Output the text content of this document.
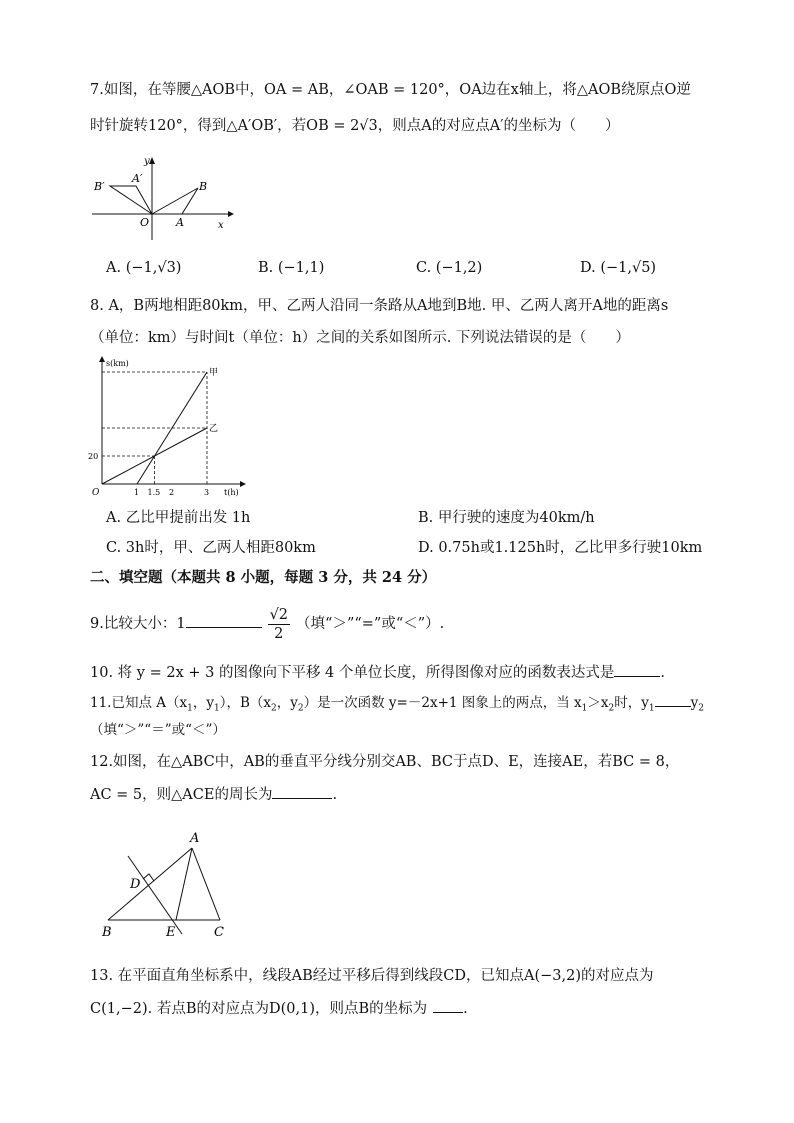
7.如图，在等腰△AOB中，OA = AB，∠OAB = 120°，OA边在x轴上，将△AOB绕原点O逆
时针旋转120°，得到△A′OB′，若OB = 2√3，则点A的对应点A′的坐标为（　　）
y
x
O A
B
A′
B′
A. (−1,√3)	B. (−1,1)	C. (−1,2)	D. (−1,√5)
8. A，B两地相距80km，甲、乙两人沿同一条路从A地到B地. 甲、乙两人离开A地的距离s
（单位：km）与时间t（单位：h）之间的关系如图所示. 下列说法错误的是（　　）
s(km)
t(h)
O
甲
乙
1 1.5 2	3
20
A. 乙比甲提前出发 1h	B. 甲行驶的速度为40km/h
C. 3h时，甲、乙两人相距80km	D. 0.75h或1.125h时，乙比甲多行驶10km
二、填空题（本题共 8 小题，每题 3 分，共 24 分）
9.比较大小：1	$\frac{√2}{2}$ （填“＞”“=”或“＜”）.
10. 将 y = 2x + 3 的图像向下平移 4 个单位长度，所得图像对应的函数表达式是	.
11.已知点 $A(x_1$，$y_1$），$B(x_2$，$y_2$）是一次函数 y=－2x+1 图象上的两点，当 $x_1>x_2$时，$y_1$	$y_2$
（填“＞”“＝”或“＜”）
12.如图，在△ABC中，AB的垂直平分线分别交AB、BC于点D、E，连接AE，若BC = 8，
AC = 5，则△ACE的周长为	.
A
B	C
D
E
13. 在平面直角坐标系中，线段AB经过平移后得到线段CD，已知点A(−3,2)的对应点为
C(1,−2). 若点B的对应点为D(0,1)，则点B的坐标为 .
